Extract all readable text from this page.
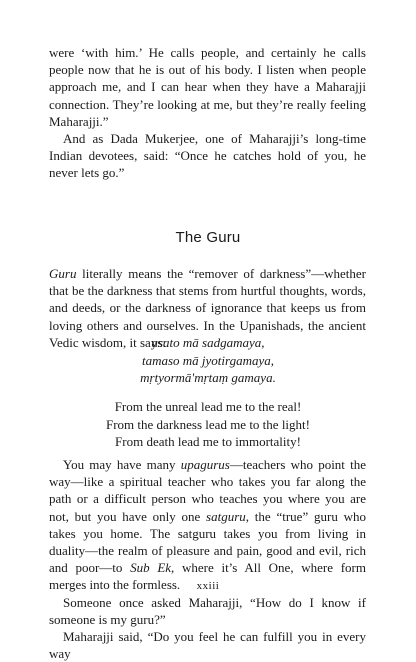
were ‘with him.’ He calls people, and certainly he calls people now that he is out of his body. I listen when people approach me, and I can hear when they have a Maharajji connection. They’re looking at me, but they’re really feeling Maharajji.”

And as Dada Mukerjee, one of Maharajji’s long-time Indian devotees, said: “Once he catches hold of you, he never lets go.”

The Guru

Guru literally means the “remover of darkness”—whether that be the darkness that stems from hurtful thoughts, words, and deeds, or the darkness of ignorance that keeps us from loving others and ourselves. In the Upanishads, the ancient Vedic wisdom, it says:

asato mā sadgamaya,
tamaso mā jyotirgamaya,
mṛtyormā'mṛtaṃ gamaya.
From the unreal lead me to the real!
From the darkness lead me to the light!
From death lead me to immortality!

You may have many upagurus—teachers who point the way—like a spiritual teacher who takes you far along the path or a difficult person who teaches you where you are not, but you have only one satguru, the “true” guru who takes you home. The satguru takes you from living in duality—the realm of pleasure and pain, good and evil, rich and poor—to Sub Ek, where it’s All One, where form merges into the formless.

Someone once asked Maharajji, “How do I know if someone is my guru?”

Maharajji said, “Do you feel he can fulfill you in every way

xxiii
